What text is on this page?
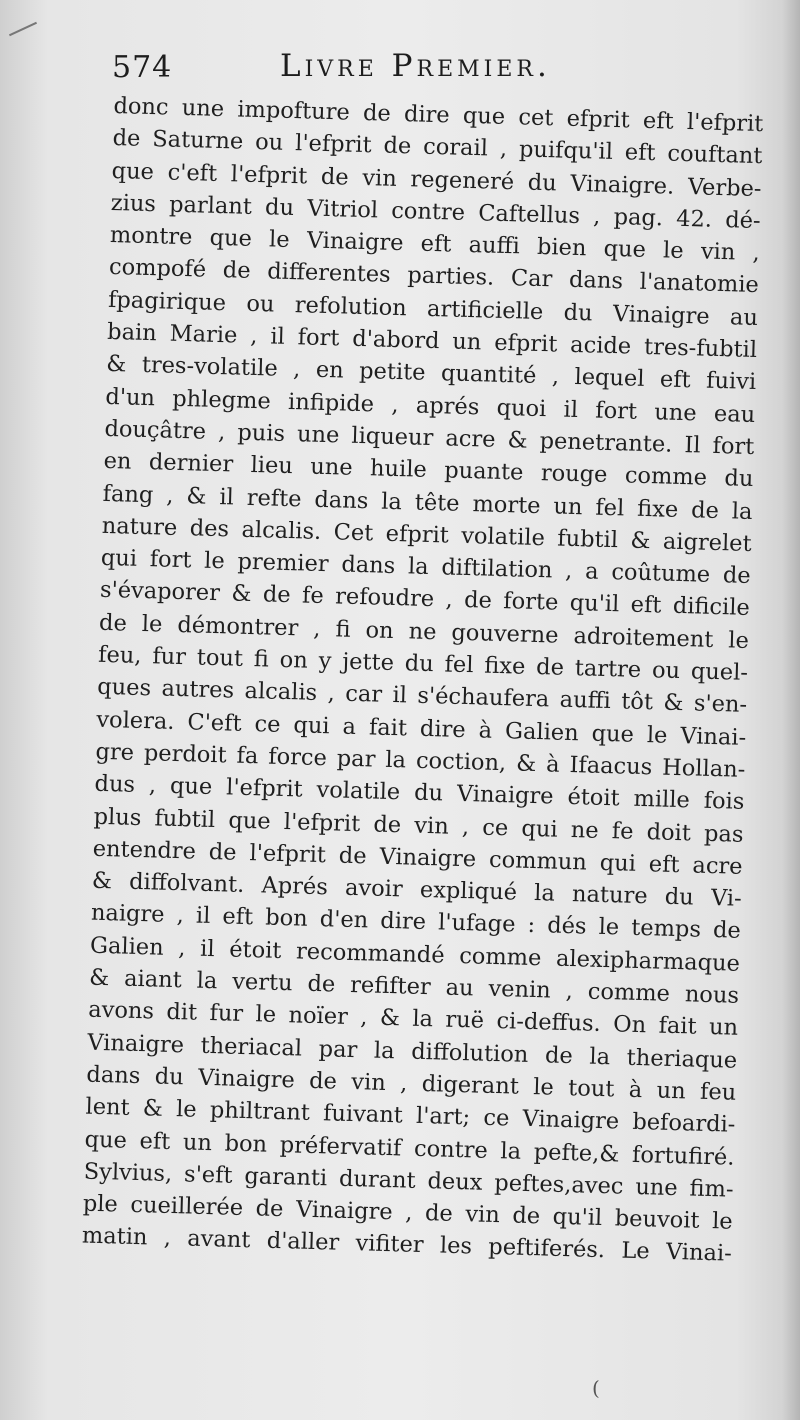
574	Livre Premier.
donc une impofture de dire que cet efprit eft l'efprit
de Saturne ou l'efprit de corail , puifqu'il eft couftant
que c'eft l'efprit de vin regeneré du Vinaigre. Verbe-
zius parlant du Vitriol contre Caftellus , pag. 42. dé-
montre que le Vinaigre eft auffi bien que le vin ,
compofé de differentes parties. Car dans l'anatomie
fpagirique ou refolution artificielle du Vinaigre au
bain Marie , il fort d'abord un efprit acide tres-fubtil
& tres-volatile , en petite quantité , lequel eft fuivi
d'un phlegme infipide , aprés quoi il fort une eau
douçâtre , puis une liqueur acre & penetrante. Il fort
en dernier lieu une huile puante rouge comme du
fang , & il refte dans la tête morte un fel fixe de la
nature des alcalis. Cet efprit volatile fubtil & aigrelet
qui fort le premier dans la diftilation , a coûtume de
s'évaporer & de fe refoudre , de forte qu'il eft dificile
de le démontrer , fi on ne gouverne adroitement le
feu, fur tout fi on y jette du fel fixe de tartre ou quel-
ques autres alcalis , car il s'échaufera auffi tôt & s'en-
volera. C'eft ce qui a fait dire à Galien que le Vinai-
gre perdoit fa force par la coction, & à Ifaacus Hollan-
dus , que l'efprit volatile du Vinaigre étoit mille fois
plus fubtil que l'efprit de vin , ce qui ne fe doit pas
entendre de l'efprit de Vinaigre commun qui eft acre
& diffolvant. Aprés avoir expliqué la nature du Vi-
naigre , il eft bon d'en dire l'ufage : dés le temps de
Galien , il étoit recommandé comme alexipharmaque
& aiant la vertu de refifter au venin , comme nous
avons dit fur le noïer , & la ruë ci-deffus. On fait un
Vinaigre theriacal par la diffolution de la theriaque
dans du Vinaigre de vin , digerant le tout à un feu
lent & le philtrant fuivant l'art; ce Vinaigre befoardi-
que eft un bon préfervatif contre la pefte,& fortufiré.
Sylvius, s'eft garanti durant deux peftes,avec une fim-
ple cueillerée de Vinaigre , de vin de qu'il beuvoit le
matin , avant d'aller vifiter les peftiferés. Le Vinai-
(
